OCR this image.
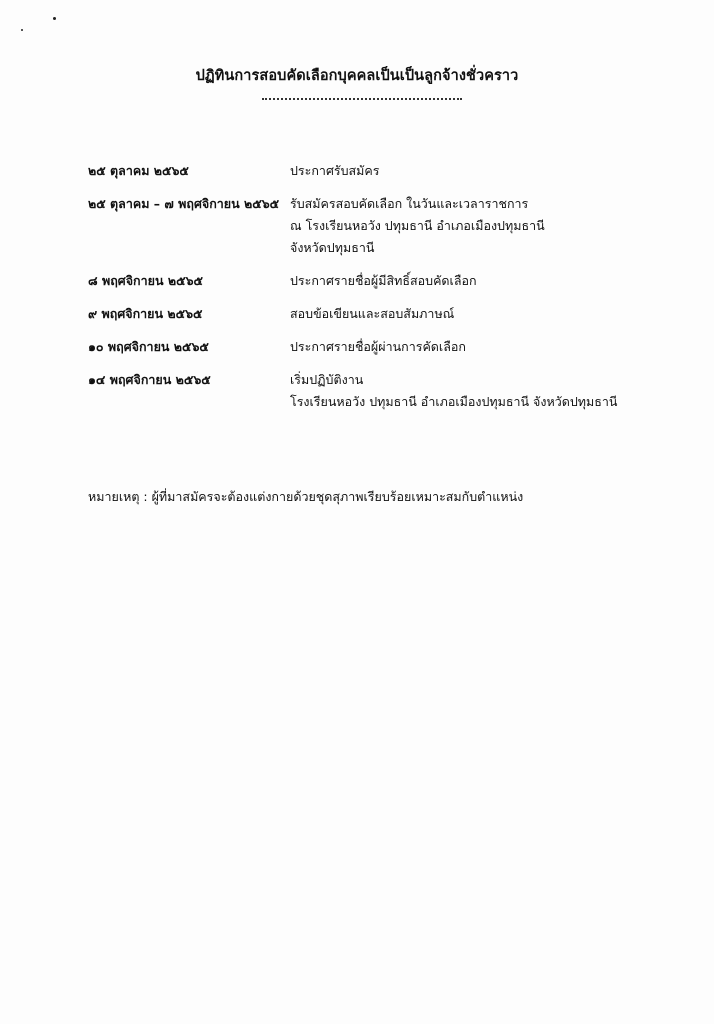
ปฏิทินการสอบคัดเลือกบุคคลเป็นเป็นลูกจ้างชั่วคราว
๒๕ ตุลาคม ๒๕๖๕	ประกาศรับสมัคร
๒๕ ตุลาคม – ๗ พฤศจิกายน ๒๕๖๕ รับสมัครสอบคัดเลือก ในวันและเวลาราชการ
ณ โรงเรียนหอวัง ปทุมธานี อำเภอเมืองปทุมธานี
จังหวัดปทุมธานี
๘ พฤศจิกายน ๒๕๖๕	ประกาศรายชื่อผู้มีสิทธิ์สอบคัดเลือก
๙ พฤศจิกายน ๒๕๖๕	สอบข้อเขียนและสอบสัมภาษณ์
๑๐ พฤศจิกายน ๒๕๖๕	ประกาศรายชื่อผู้ผ่านการคัดเลือก
๑๔ พฤศจิกายน ๒๕๖๕	เริ่มปฏิบัติงาน
โรงเรียนหอวัง ปทุมธานี อำเภอเมืองปทุมธานี จังหวัดปทุมธานี
หมายเหตุ : ผู้ที่มาสมัครจะต้องแต่งกายด้วยชุดสุภาพเรียบร้อยเหมาะสมกับตำแหน่ง
